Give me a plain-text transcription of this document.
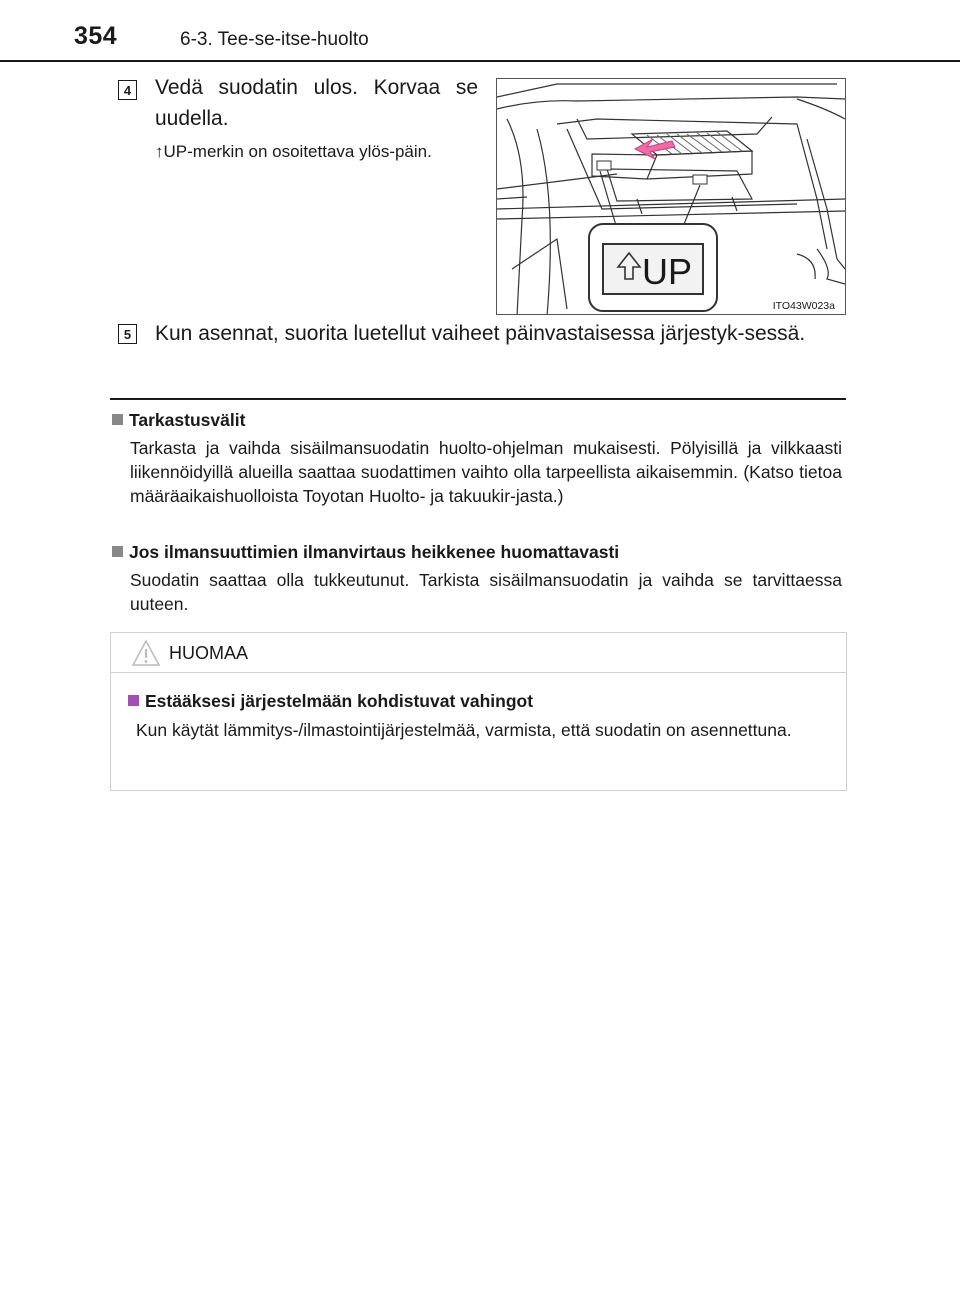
354	6-3. Tee-se-itse-huolto
4 Vedä suodatin ulos. Korvaa se uudella.
↑UP-merkin on osoitettava ylös-päin.
UP
ITO43W023a
5 Kun asennat, suorita luetellut vaiheet päinvastaisessa järjestyk-sessä.
Tarkastusvälit
Tarkasta ja vaihda sisäilmansuodatin huolto-ohjelman mukaisesti. Pölyisillä ja vilkkaasti liikennöidyillä alueilla saattaa suodattimen vaihto olla tarpeellista aikaisemmin. (Katso tietoa määräaikaishuolloista Toyotan Huolto- ja takuukir-jasta.)
Jos ilmansuuttimien ilmanvirtaus heikkenee huomattavasti
Suodatin saattaa olla tukkeutunut. Tarkista sisäilmansuodatin ja vaihda se tarvittaessa uuteen.
HUOMAA
Estääksesi järjestelmään kohdistuvat vahingot
Kun käytät lämmitys-/ilmastointijärjestelmää, varmista, että suodatin on asennettuna.
